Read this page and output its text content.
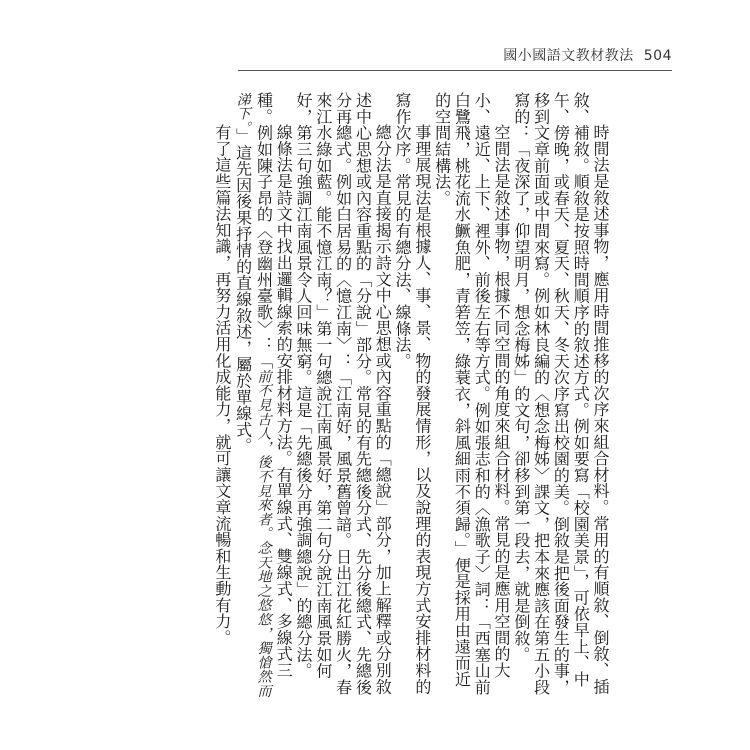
國小國語文教材教法 504

時間法是敘述事物，應用時間推移的次序來組合材料。常用的有順敘、倒敘、插敘、補敘。順敘是按照時間順序的敘述方式。例如要寫「校園美景」，可依早上、中午、傍晚，或春天、夏天、秋天、冬天次序寫出校園的美。倒敘是把後面發生的事，移到文章前面或中間來寫。例如林良編的〈想念梅姊〉課文，把本來應該在第五小段寫的：「夜深了，仰望明月，想念梅姊」的文句，卻移到第一段去，就是倒敘。

空間法是敘述事物，根據不同空間的角度來組合材料。常見的是應用空間的大小、遠近、上下、裡外、前後左右等方式。例如張志和的〈漁歌子〉詞：「西塞山前白鷺飛，桃花流水鱖魚肥，青箬笠，綠蓑衣，斜風細雨不須歸。」便是採用由遠而近的空間結構法。

事理展現法是根據人、事、景、物的發展情形，以及說理的表現方式安排材料的寫作次序。常見的有總分法、線條法。

總分法是直接揭示詩文中心思想或內容重點的「總說」部分，加上解釋或分別敘述中心思想或內容重點的「分說」部分。常見的有先總後分式、先分後總式、先總後分再總式。例如白居易的〈憶江南〉：「江南好，風景舊曾諳。日出江花紅勝火，春來江水綠如藍。能不憶江南？」第一句總說江南風景好，第二句分說江南風景如何好，第三句強調江南風景令人回味無窮。這是「先總後分再強調總說」的總分法。

線條法是詩文中找出邏輯線索的安排材料方法。有單線式、雙線式、多線式三種。例如陳子昂的〈登幽州臺歌〉：「前不見古人，後不見來者。念天地之悠悠，獨愴然而涕下。」這先因後果抒情的直線敘述，屬於單線式。

有了這些篇法知識，再努力活用化成能力，就可讓文章流暢和生動有力。
